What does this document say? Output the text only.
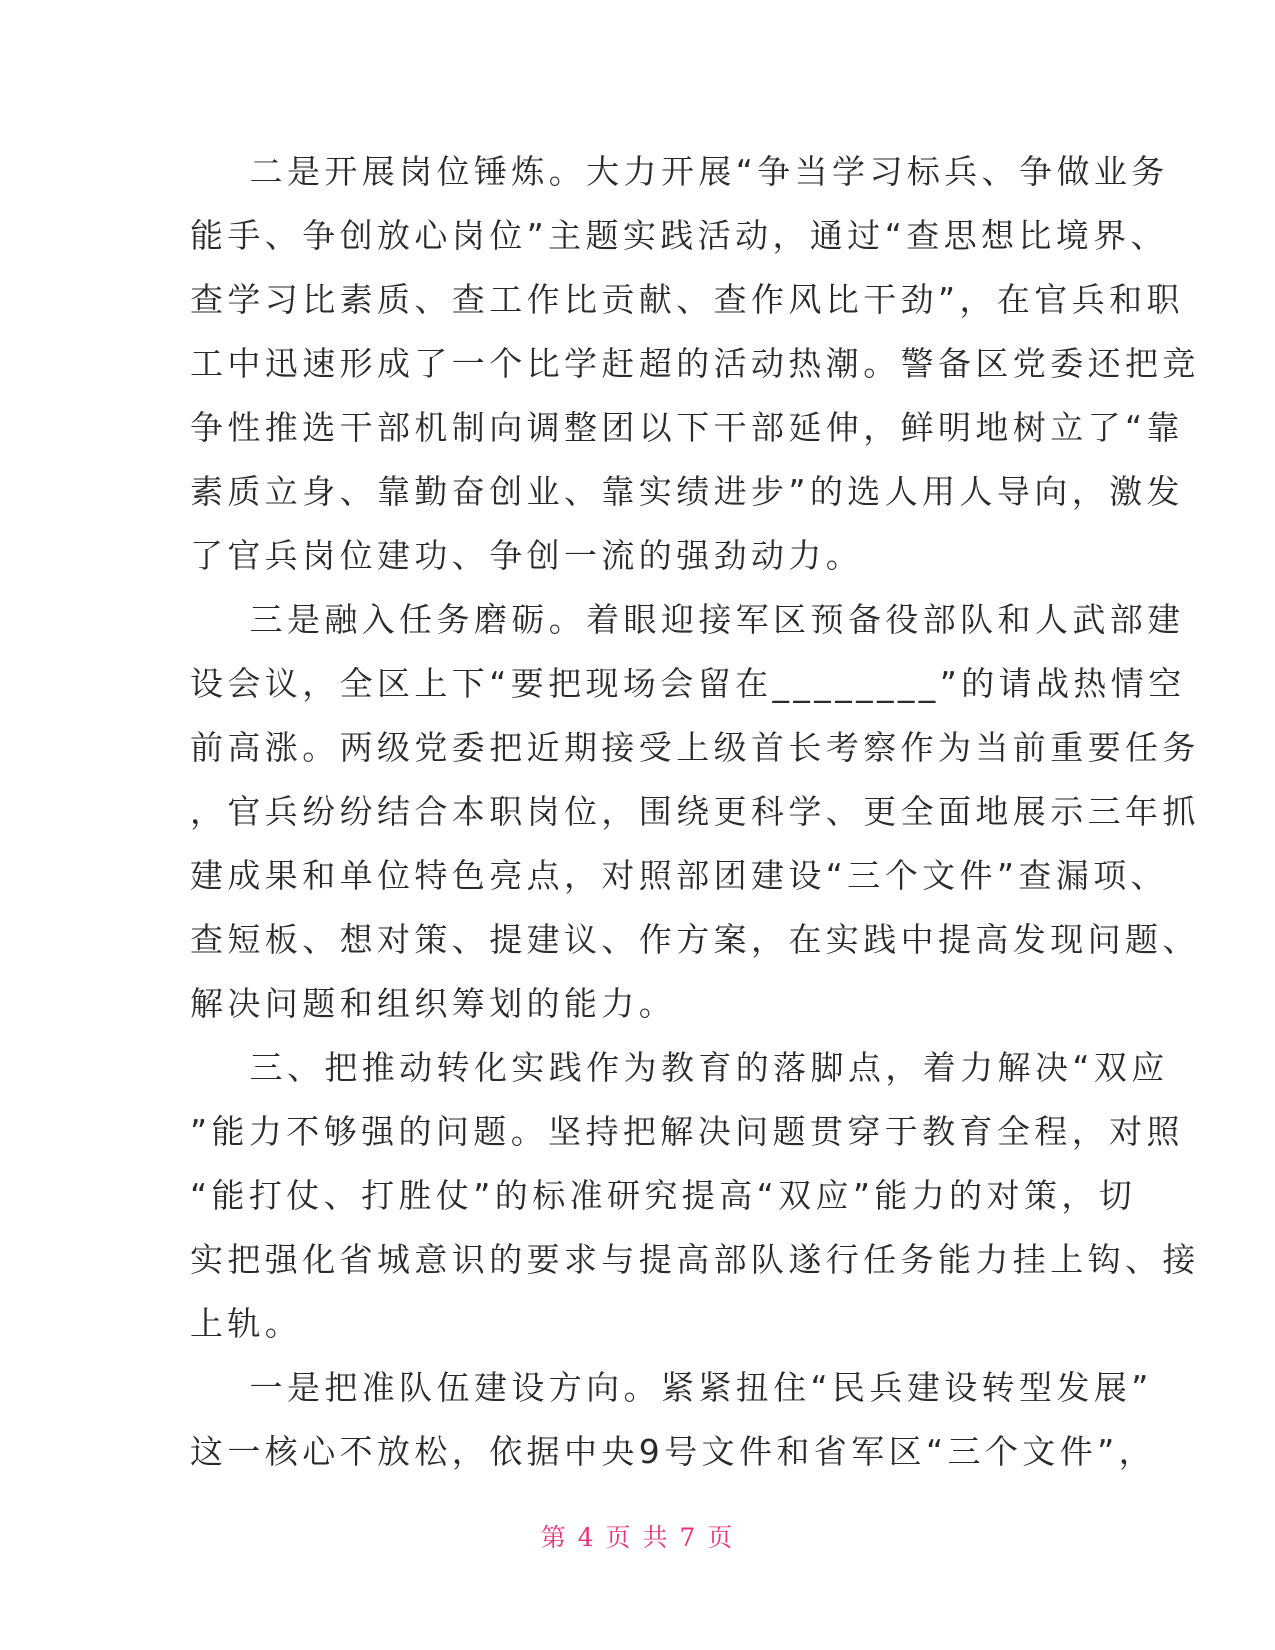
二是开展岗位锤炼。大力开展“争当学习标兵、争做业务
能手、争创放心岗位”主题实践活动，通过“查思想比境界、
查学习比素质、查工作比贡献、查作风比干劲”，在官兵和职
工中迅速形成了一个比学赶超的活动热潮。警备区党委还把竞
争性推选干部机制向调整团以下干部延伸，鲜明地树立了“靠
素质立身、靠勤奋创业、靠实绩进步”的选人用人导向，激发
了官兵岗位建功、争创一流的强劲动力。
三是融入任务磨砺。着眼迎接军区预备役部队和人武部建
设会议，全区上下“要把现场会留在________”的请战热情空
前高涨。两级党委把近期接受上级首长考察作为当前重要任务
，官兵纷纷结合本职岗位，围绕更科学、更全面地展示三年抓
建成果和单位特色亮点，对照部团建设“三个文件”查漏项、
查短板、想对策、提建议、作方案，在实践中提高发现问题、
解决问题和组织筹划的能力。
三、把推动转化实践作为教育的落脚点，着力解决“双应
”能力不够强的问题。坚持把解决问题贯穿于教育全程，对照
“能打仗、打胜仗”的标准研究提高“双应”能力的对策，切
实把强化省城意识的要求与提高部队遂行任务能力挂上钩、接
上轨。
一是把准队伍建设方向。紧紧扭住“民兵建设转型发展”
这一核心不放松，依据中央9号文件和省军区“三个文件”，
第 4 页 共 7 页
